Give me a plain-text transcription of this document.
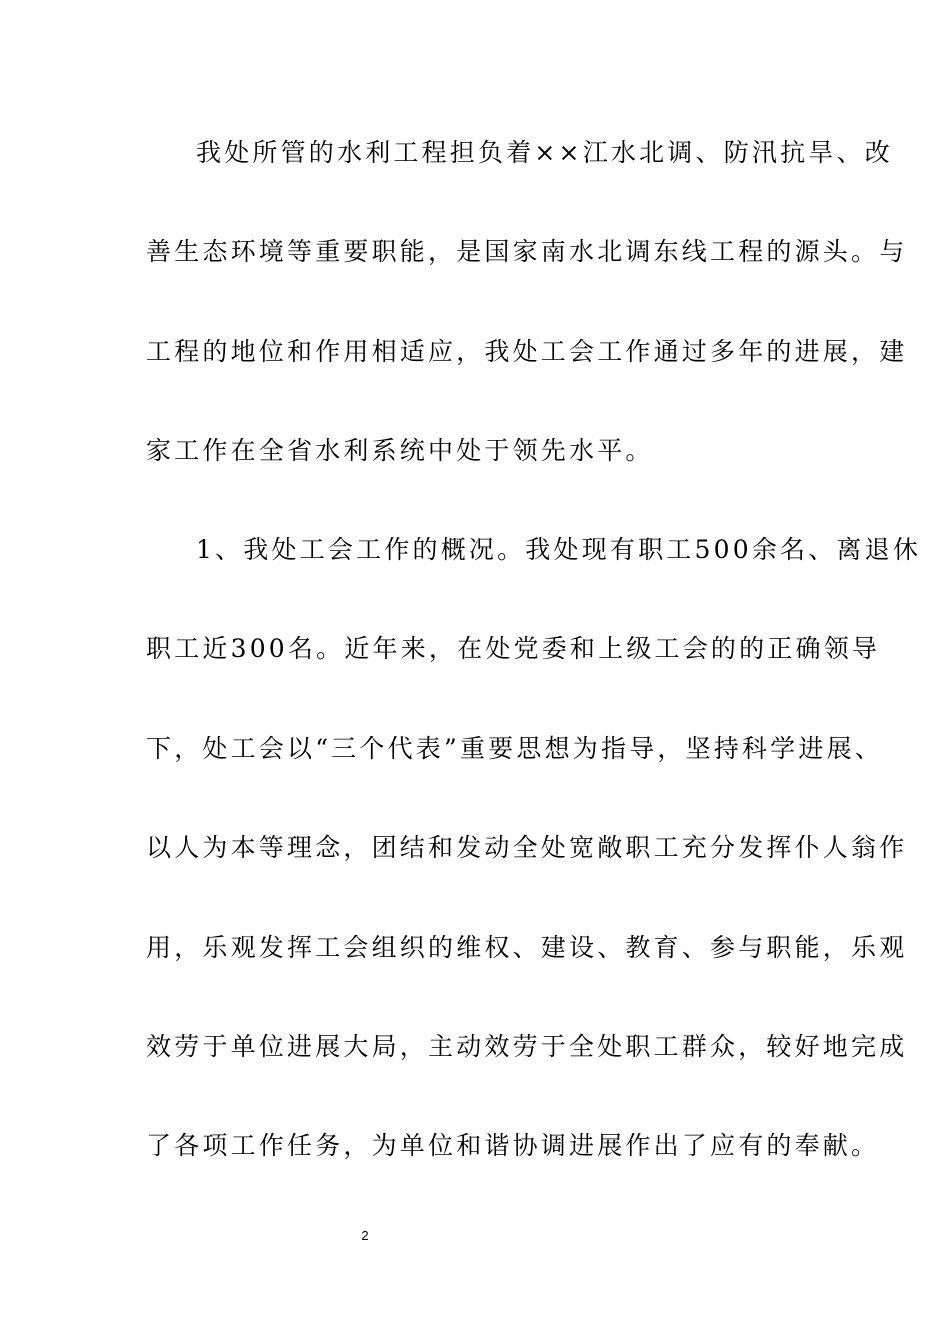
我处所管的水利工程担负着××江水北调、防汛抗旱、改
善生态环境等重要职能，是国家南水北调东线工程的源头。与
工程的地位和作用相适应，我处工会工作通过多年的进展，建
家工作在全省水利系统中处于领先水平。
1、我处工会工作的概况。我处现有职工500余名、离退休
职工近300名。近年来，在处党委和上级工会的的正确领导
下，处工会以“三个代表”重要思想为指导，坚持科学进展、
以人为本等理念，团结和发动全处宽敞职工充分发挥仆人翁作
用，乐观发挥工会组织的维权、建设、教育、参与职能，乐观
效劳于单位进展大局，主动效劳于全处职工群众，较好地完成
了各项工作任务，为单位和谐协调进展作出了应有的奉献。
2
